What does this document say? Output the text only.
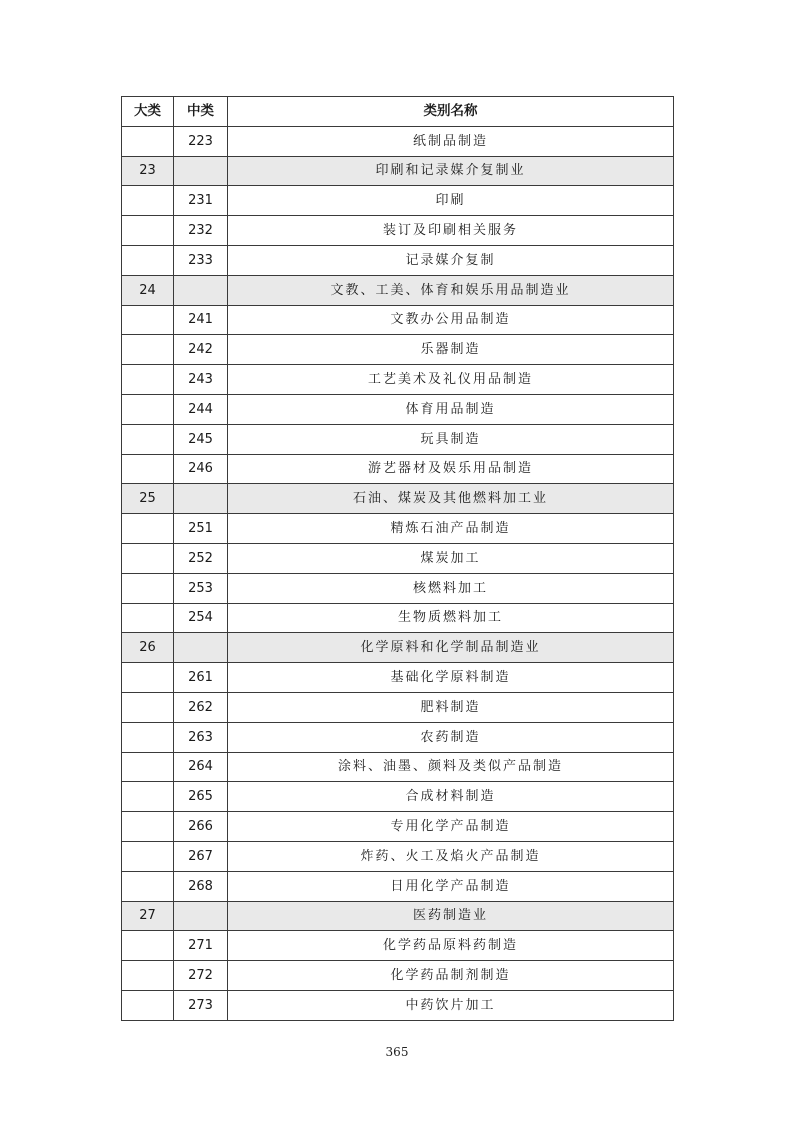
大类	中类	类别名称
	223	纸制品制造
23		印刷和记录媒介复制业
	231	印刷
	232	装订及印刷相关服务
	233	记录媒介复制
24		文教、工美、体育和娱乐用品制造业
	241	文教办公用品制造
	242	乐器制造
	243	工艺美术及礼仪用品制造
	244	体育用品制造
	245	玩具制造
	246	游艺器材及娱乐用品制造
25		石油、煤炭及其他燃料加工业
	251	精炼石油产品制造
	252	煤炭加工
	253	核燃料加工
	254	生物质燃料加工
26		化学原料和化学制品制造业
	261	基础化学原料制造
	262	肥料制造
	263	农药制造
	264	涂料、油墨、颜料及类似产品制造
	265	合成材料制造
	266	专用化学产品制造
	267	炸药、火工及焰火产品制造
	268	日用化学产品制造
27		医药制造业
	271	化学药品原料药制造
	272	化学药品制剂制造
	273	中药饮片加工
365
